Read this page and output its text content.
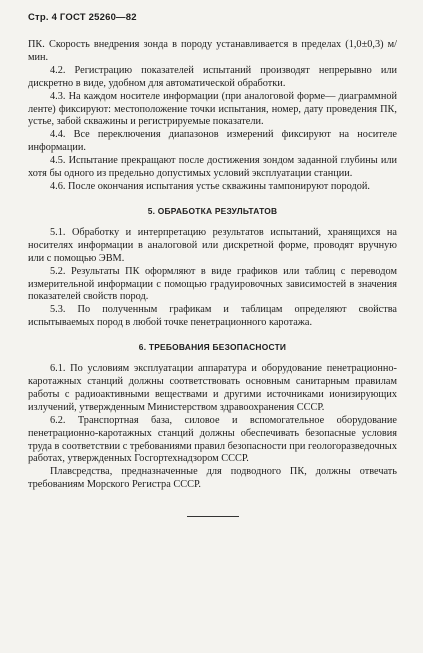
Стр. 4 ГОСТ 25260—82

ПК. Скорость внедрения зонда в породу устанавливается в пределах (1,0±0,3) м/мин.

4.2. Регистрацию показателей испытаний производят непрерывно или дискретно в виде, удобном для автоматической обработки.

4.3. На каждом носителе информации (при аналоговой форме— диаграммной ленте) фиксируют: местоположение точки испытания, номер, дату проведения ПК, устье, забой скважины и регистрируемые показатели.

4.4. Все переключения диапазонов измерений фиксируют на носителе информации.

4.5. Испытание прекращают после достижения зондом заданной глубины или хотя бы одного из предельно допустимых условий эксплуатации станции.

4.6. После окончания испытания устье скважины тампонируют породой.

5. ОБРАБОТКА РЕЗУЛЬТАТОВ

5.1. Обработку и интерпретацию результатов испытаний, хранящихся на носителях информации в аналоговой или дискретной форме, проводят вручную или с помощью ЭВМ.

5.2. Результаты ПК оформляют в виде графиков или таблиц с переводом измерительной информации с помощью градуировочных зависимостей в значения показателей свойств пород.

5.3. По полученным графикам и таблицам определяют свойства испытываемых пород в любой точке пенетрационного каротажа.

6. ТРЕБОВАНИЯ БЕЗОПАСНОСТИ

6.1. По условиям эксплуатации аппаратура и оборудование пенетрационно-каротажных станций должны соответствовать основным санитарным правилам работы с радиоактивными веществами и другими источниками ионизирующих излучений, утвержденным Министерством здравоохранения СССР.

6.2. Транспортная база, силовое и вспомогательное оборудование пенетрационно-каротажных станций должны обеспечивать безопасные условия труда в соответствии с требованиями правил безопасности при геологоразведочных работах, утвержденных Госгортехнадзором СССР.

Плавсредства, предназначенные для подводного ПК, должны отвечать требованиям Морского Регистра СССР.
